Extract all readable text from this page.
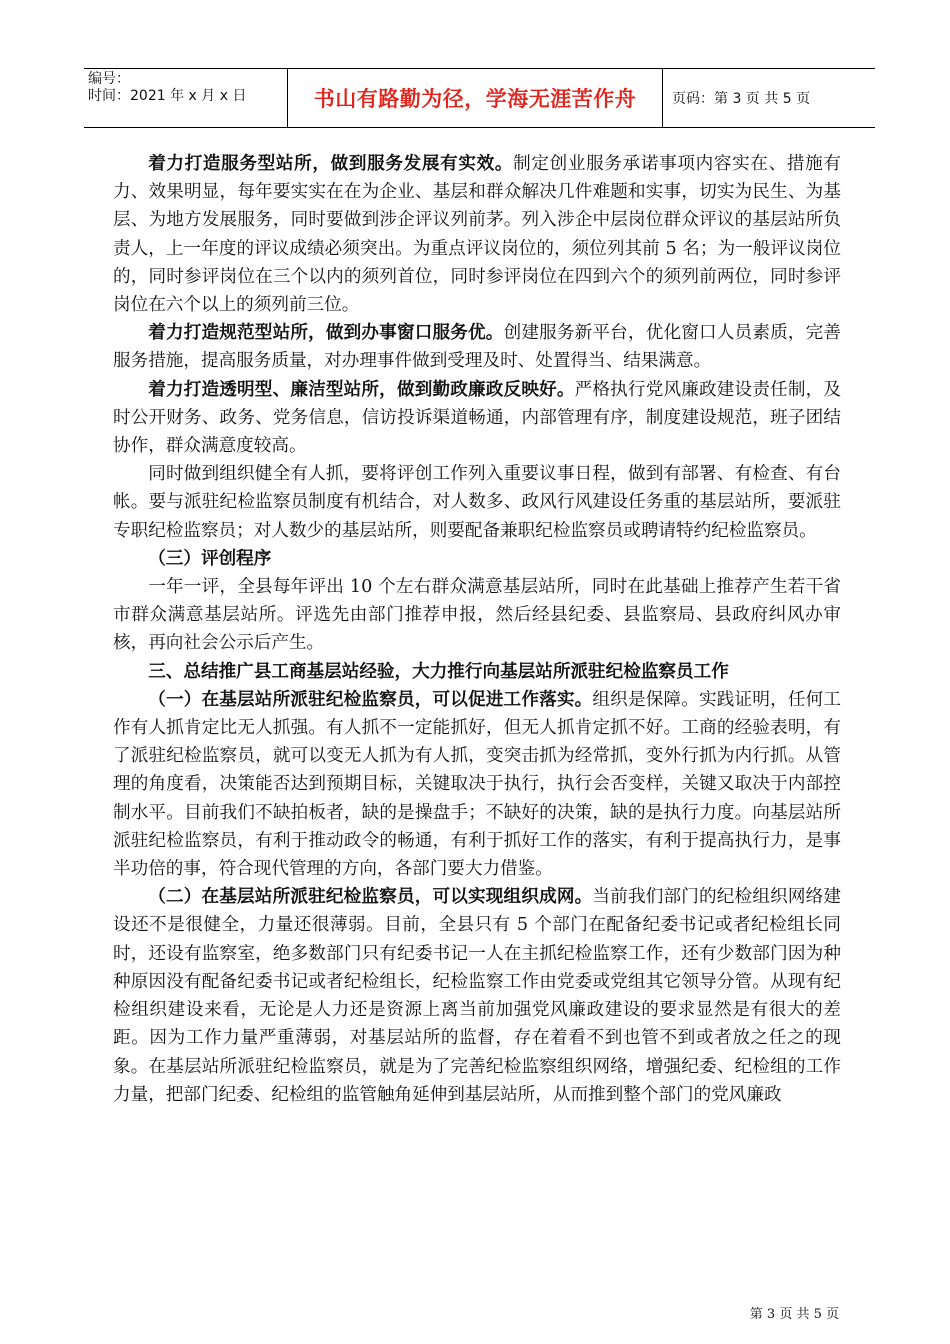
编号：
时间：2021 年 x 月 x 日	书山有路勤为径，学海无涯苦作舟	页码：第 3 页 共 5 页

着力打造服务型站所，做到服务发展有实效。制定创业服务承诺事项内容实在、措施有力、效果明显，每年要实实在在为企业、基层和群众解决几件难题和实事，切实为民生、为基层、为地方发展服务，同时要做到涉企评议列前茅。列入涉企中层岗位群众评议的基层站所负责人，上一年度的评议成绩必须突出。为重点评议岗位的，须位列其前 5 名；为一般评议岗位的，同时参评岗位在三个以内的须列首位，同时参评岗位在四到六个的须列前两位，同时参评岗位在六个以上的须列前三位。

着力打造规范型站所，做到办事窗口服务优。创建服务新平台，优化窗口人员素质，完善服务措施，提高服务质量，对办理事件做到受理及时、处置得当、结果满意。

着力打造透明型、廉洁型站所，做到勤政廉政反映好。严格执行党风廉政建设责任制，及时公开财务、政务、党务信息，信访投诉渠道畅通，内部管理有序，制度建设规范，班子团结协作，群众满意度较高。

同时做到组织健全有人抓，要将评创工作列入重要议事日程，做到有部署、有检查、有台帐。要与派驻纪检监察员制度有机结合，对人数多、政风行风建设任务重的基层站所，要派驻专职纪检监察员；对人数少的基层站所，则要配备兼职纪检监察员或聘请特约纪检监察员。

（三）评创程序

一年一评，全县每年评出 10 个左右群众满意基层站所，同时在此基础上推荐产生若干省市群众满意基层站所。评选先由部门推荐申报，然后经县纪委、县监察局、县政府纠风办审核，再向社会公示后产生。

三、总结推广县工商基层站经验，大力推行向基层站所派驻纪检监察员工作

（一）在基层站所派驻纪检监察员，可以促进工作落实。组织是保障。实践证明，任何工作有人抓肯定比无人抓强。有人抓不一定能抓好，但无人抓肯定抓不好。工商的经验表明，有了派驻纪检监察员，就可以变无人抓为有人抓，变突击抓为经常抓，变外行抓为内行抓。从管理的角度看，决策能否达到预期目标，关键取决于执行，执行会否变样，关键又取决于内部控制水平。目前我们不缺拍板者，缺的是操盘手；不缺好的决策，缺的是执行力度。向基层站所派驻纪检监察员，有利于推动政令的畅通，有利于抓好工作的落实，有利于提高执行力，是事半功倍的事，符合现代管理的方向，各部门要大力借鉴。

（二）在基层站所派驻纪检监察员，可以实现组织成网。当前我们部门的纪检组织网络建设还不是很健全，力量还很薄弱。目前，全县只有 5 个部门在配备纪委书记或者纪检组长同时，还设有监察室，绝多数部门只有纪委书记一人在主抓纪检监察工作，还有少数部门因为种种原因没有配备纪委书记或者纪检组长，纪检监察工作由党委或党组其它领导分管。从现有纪检组织建设来看，无论是人力还是资源上离当前加强党风廉政建设的要求显然是有很大的差距。因为工作力量严重薄弱，对基层站所的监督，存在着看不到也管不到或者放之任之的现象。在基层站所派驻纪检监察员，就是为了完善纪检监察组织网络，增强纪委、纪检组的工作力量，把部门纪委、纪检组的监管触角延伸到基层站所，从而推到整个部门的党风廉政

第 3 页 共 5 页
